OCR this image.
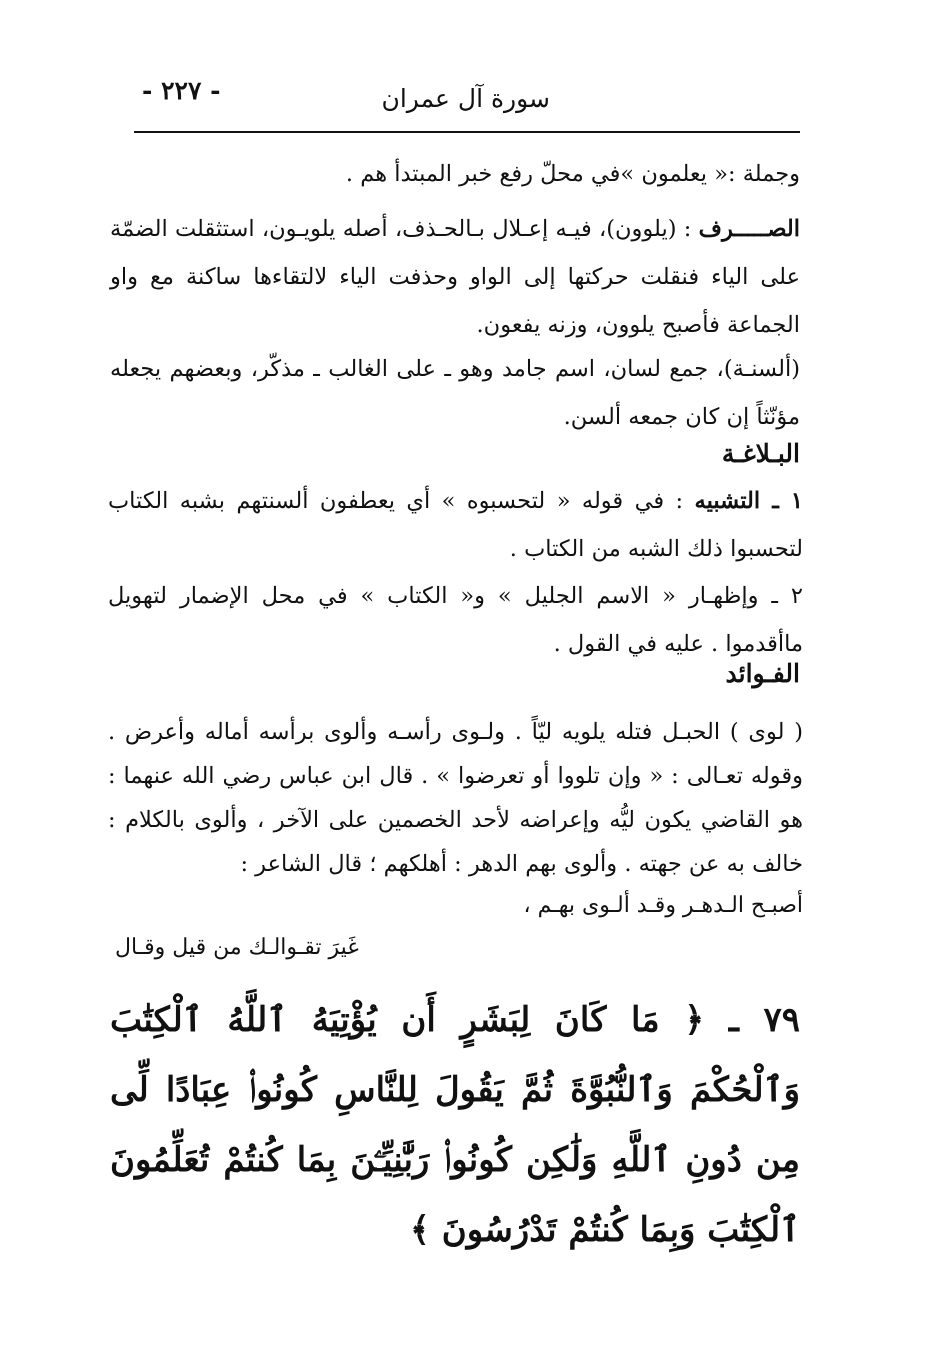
سورة آل عمران
- ٢٢٧ -

وجملة :« يعلمون »في محلّ رفع خبر المبتدأ هم .

الصـــــرف : (يلوون)، فيـه إعـلال بـالحـذف، أصله يلويـون، استثقلت الضمّة على الياء فنقلت حركتها إلى الواو وحذفت الياء لالتقاءها ساكنة مع واو الجماعة فأصبح يلوون، وزنه يفعون.

(ألسنـة)، جمع لسان، اسم جامد وهو ـ على الغالب ـ مذكّر، وبعضهم يجعله مؤنّثاً إن كان جمعه ألسن.

البـلاغـة

١ ـ التشبيه : في قوله « لتحسبوه » أي يعطفون ألسنتهم بشبه الكتاب لتحسبوا ذلك الشبه من الكتاب .

٢ ـ وإظهـار « الاسم الجليل » و« الكتاب » في محل الإضمار لتهويل ماأقدموا . عليه في القول .

الفـوائد

( لوى ) الحبـل فتله يلويه ليّاً . ولـوى رأسـه وألوى برأسه أماله وأعرض . وقوله تعـالى : « وإن تلووا أو تعرضوا » . قال ابن عباس رضي الله عنهما : هو القاضي يكون ليُّه وإعراضه لأحد الخصمين على الآخر ، وألوى بالكلام : خالف به عن جهته . وألوى بهم الدهر : أهلكهم ؛ قال الشاعر :

أصبـح الـدهـر وقـد ألـوى بهـم ،
غَيرَ تقـوالـك من قيل وقـال
٧٩ ـ ﴿ مَا كَانَ لِبَشَرٍ أَن يُؤْتِيَهُ ٱللَّهُ ٱلْكِتَٰبَ وَٱلْحُكْمَ وَٱلنُّبُوَّةَ ثُمَّ يَقُولَ لِلنَّاسِ كُونُوا۟ عِبَادًا لِّى مِن دُونِ ٱللَّهِ وَلَٰكِن كُونُوا۟ رَبَّٰنِيِّـۧنَ بِمَا كُنتُمْ تُعَلِّمُونَ ٱلْكِتَٰبَ وَبِمَا كُنتُمْ تَدْرُسُونَ ﴾
